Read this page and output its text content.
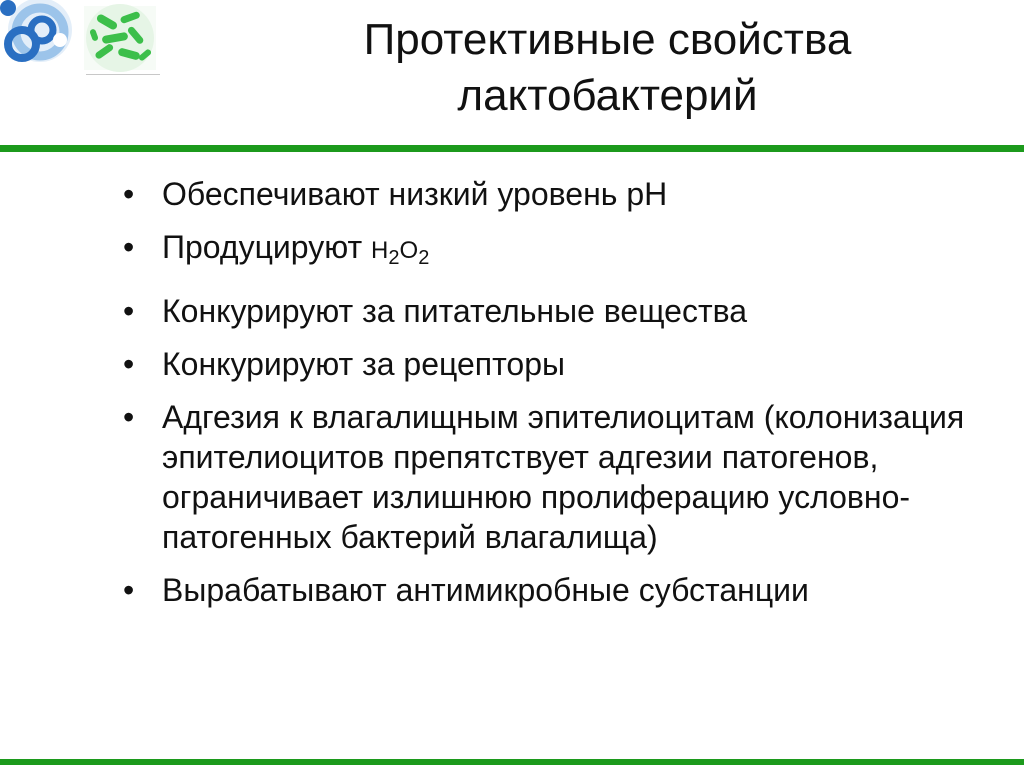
Протективные свойства
лактобактерий
• Обеспечивают низкий уровень pH
• Продуцируют $H_2O_2$
• Конкурируют за питательные вещества
• Конкурируют за рецепторы
• Адгезия к влагалищным эпителиоцитам (колонизация эпителиоцитов препятствует адгезии патогенов, ограничивает излишнюю пролиферацию условно-патогенных бактерий влагалища)
• Вырабатывают антимикробные субстанции
